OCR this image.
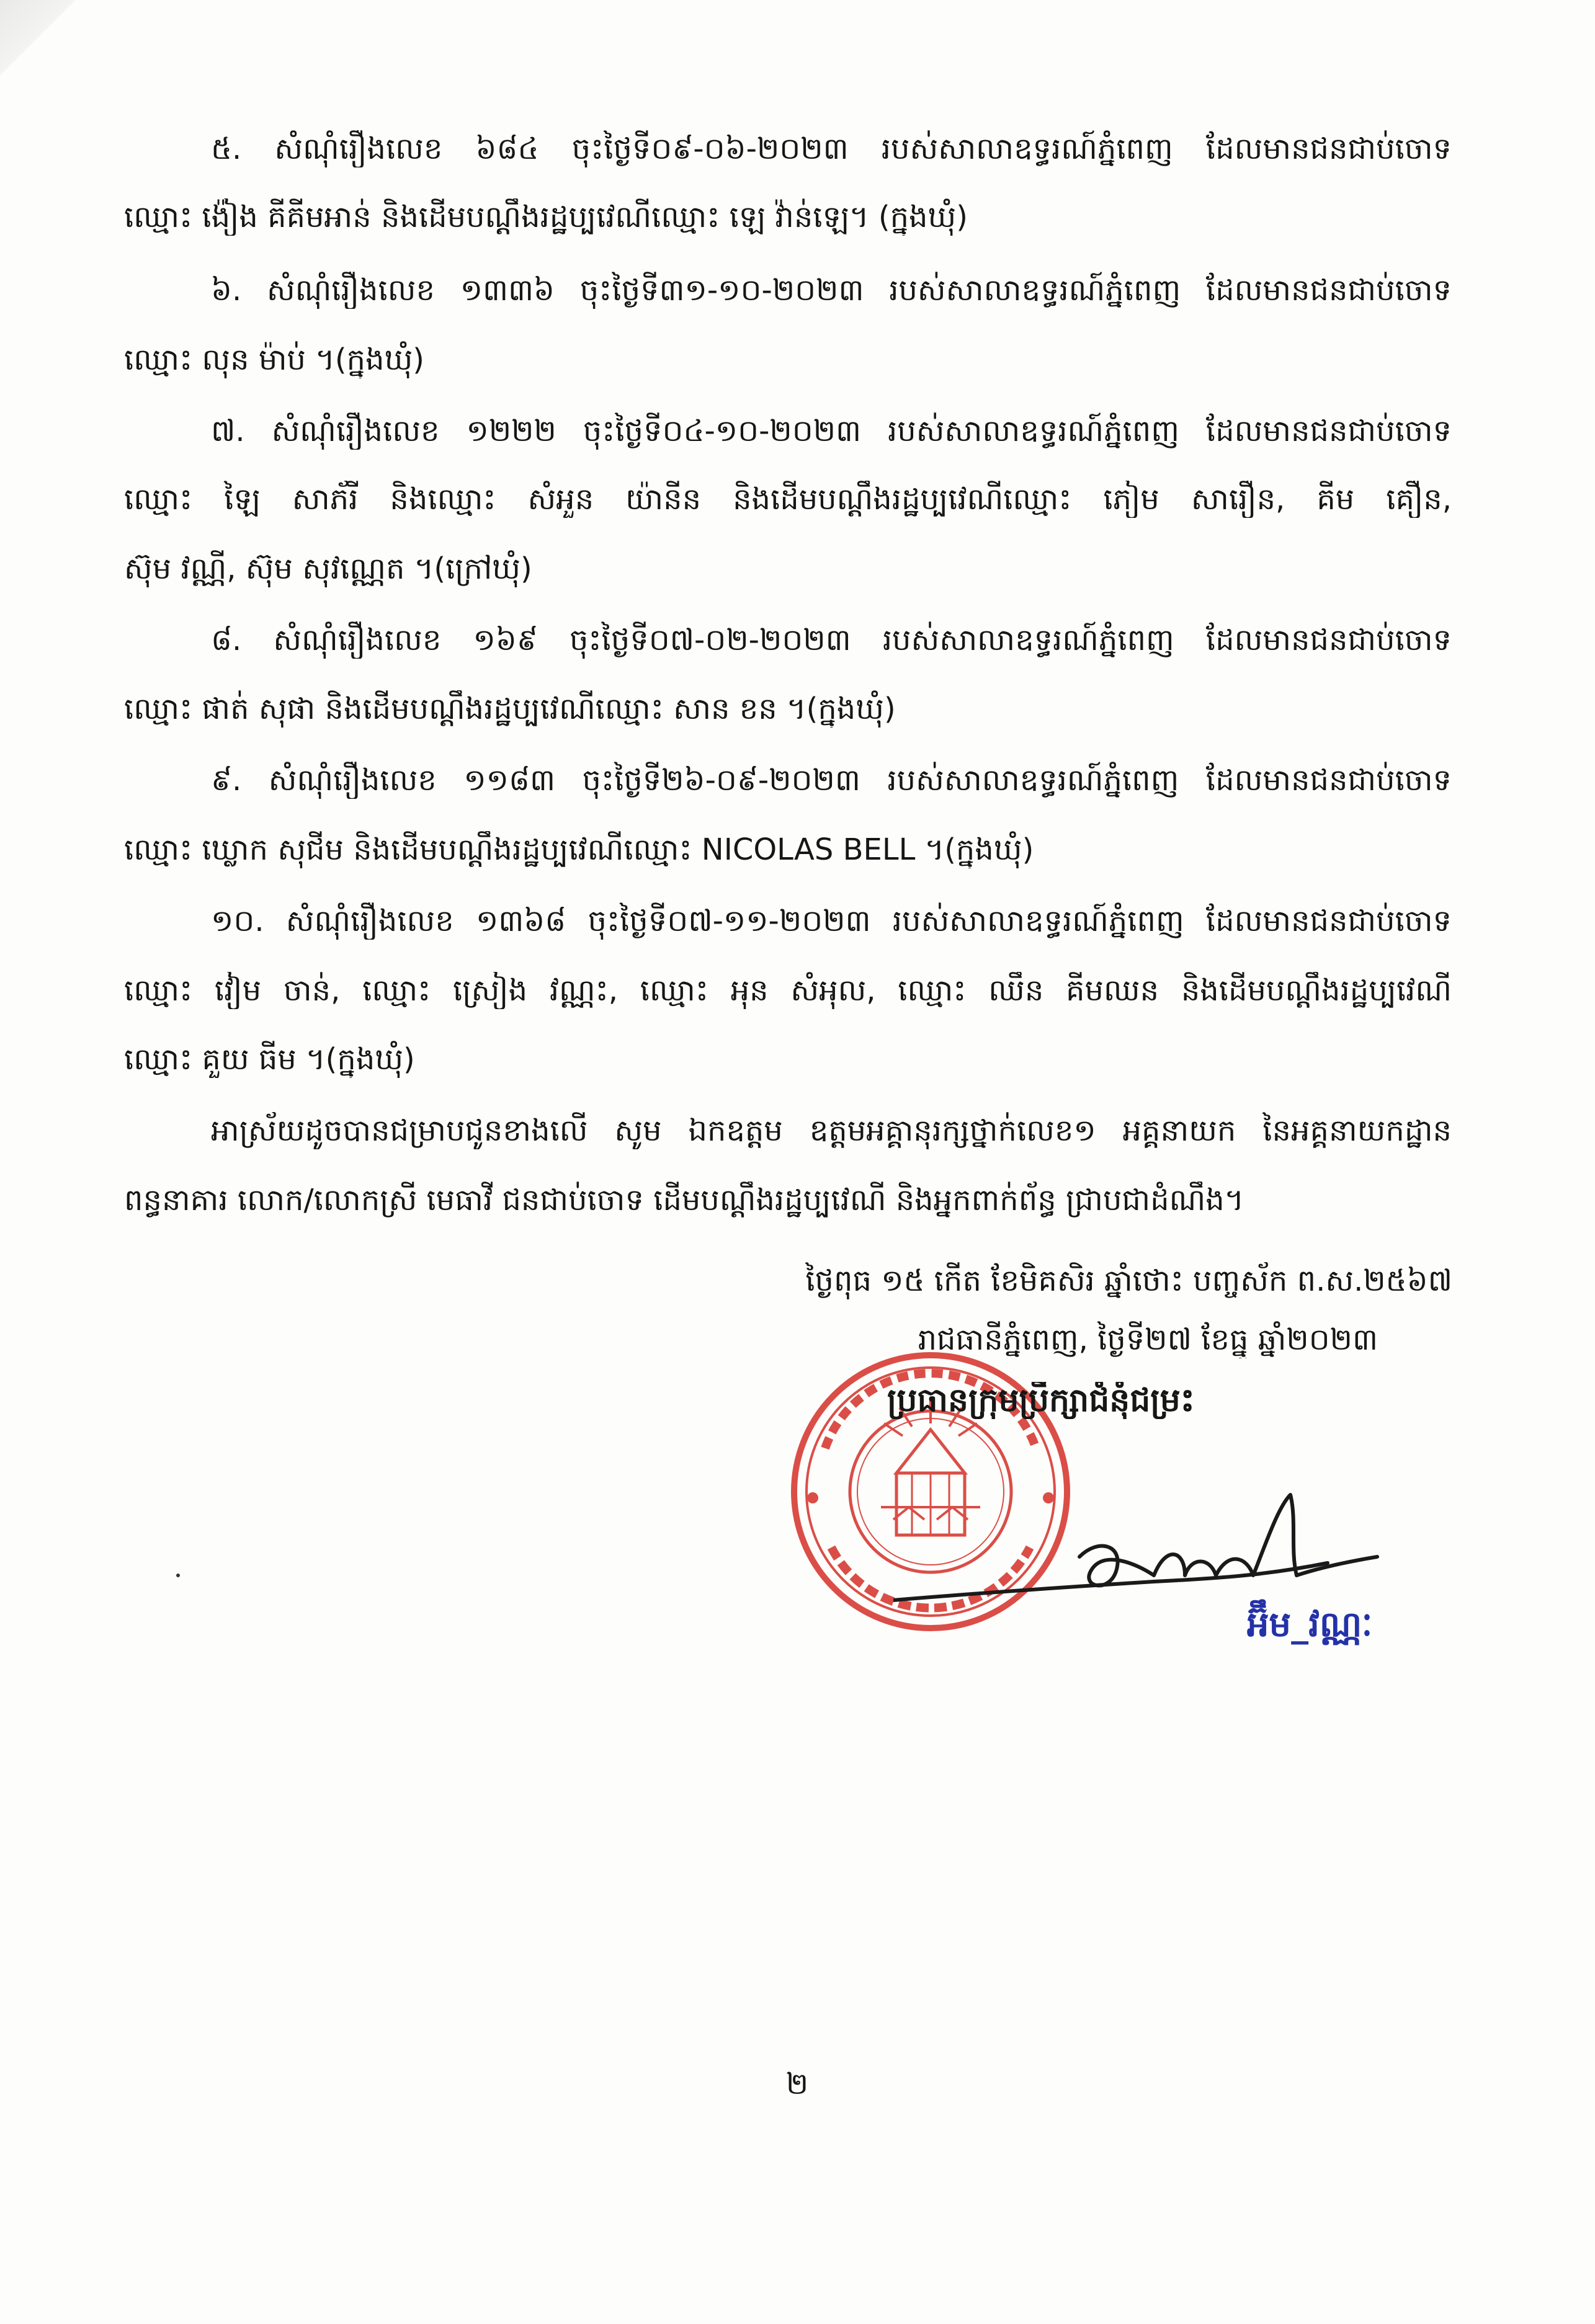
៥. សំណុំរឿងលេខ ៦៨៤ ចុះថ្ងៃទី០៩-០៦-២០២៣ របស់សាលាឧទ្ធរណ៍ភ្នំពេញ ដែលមានជនជាប់ចោទ
ឈ្មោះ ង៉ៀង គីគីមអាន់ និងដើមបណ្តឹងរដ្ឋប្បវេណីឈ្មោះ ឡេ វ៉ាន់ឡេ។ (ក្នុងឃុំ)
៦. សំណុំរឿងលេខ ១៣៣៦ ចុះថ្ងៃទី៣១-១០-២០២៣ របស់សាលាឧទ្ធរណ៍ភ្នំពេញ ដែលមានជនជាប់ចោទ
ឈ្មោះ លុន ម៉ាប់ ។(ក្នុងឃុំ)
៧. សំណុំរឿងលេខ ១២២២ ចុះថ្ងៃទី០៤-១០-២០២៣ របស់សាលាឧទ្ធរណ៍ភ្នំពេញ ដែលមានជនជាប់ចោទ
ឈ្មោះ ឡៃ សាភ័រី និងឈ្មោះ សំអួន យ៉ានីន និងដើមបណ្តឹងរដ្ឋប្បវេណីឈ្មោះ ភៀម សារឿន, គីម គឿន,
ស៊ុម វណ្ណី, ស៊ុម សុវណ្ណេត ។(ក្រៅឃុំ)
៨. សំណុំរឿងលេខ ១៦៩ ចុះថ្ងៃទី០៧-០២-២០២៣ របស់សាលាឧទ្ធរណ៍ភ្នំពេញ ដែលមានជនជាប់ចោទ
ឈ្មោះ ផាត់ សុផា និងដើមបណ្តឹងរដ្ឋប្បវេណីឈ្មោះ សាន ខន ។(ក្នុងឃុំ)
៩. សំណុំរឿងលេខ ១១៨៣ ចុះថ្ងៃទី២៦-០៩-២០២៣ របស់សាលាឧទ្ធរណ៍ភ្នំពេញ ដែលមានជនជាប់ចោទ
ឈ្មោះ ឃ្លោក សុជីម និងដើមបណ្តឹងរដ្ឋប្បវេណីឈ្មោះ NICOLAS BELL ។(ក្នុងឃុំ)
១០. សំណុំរឿងលេខ ១៣៦៨ ចុះថ្ងៃទី០៧-១១-២០២៣ របស់សាលាឧទ្ធរណ៍ភ្នំពេញ ដែលមានជនជាប់ចោទ
ឈ្មោះ វៀម ចាន់, ឈ្មោះ ស្រៀង វណ្ណះ, ឈ្មោះ អុន សំអុល, ឈ្មោះ ឈឹន គីមឈន និងដើមបណ្តឹងរដ្ឋប្បវេណី
ឈ្មោះ គួយ ធីម ។(ក្នុងឃុំ)
អាស្រ័យដូចបានជម្រាបជូនខាងលើ សូម ឯកឧត្តម ឧត្តមអគ្គានុរក្សថ្នាក់លេខ១ អគ្គនាយក នៃអគ្គនាយកដ្ឋាន
ពន្ធនាគារ លោក/លោកស្រី មេធាវី ជនជាប់ចោទ ដើមបណ្តឹងរដ្ឋប្បវេណី និងអ្នកពាក់ព័ន្ធ ជ្រាបជាដំណឹង។
ថ្ងៃពុធ ១៥ កើត ខែមិគសិរ ឆ្នាំថោះ បញ្ចស័ក ព.ស.២៥៦៧
រាជធានីភ្នំពេញ, ថ្ងៃទី២៧ ខែធ្នូ ឆ្នាំ២០២៣
ប្រធានក្រុមប្រឹក្សាជំនុំជម្រះ
អ៊ឹម_វណ្ណៈ
២
